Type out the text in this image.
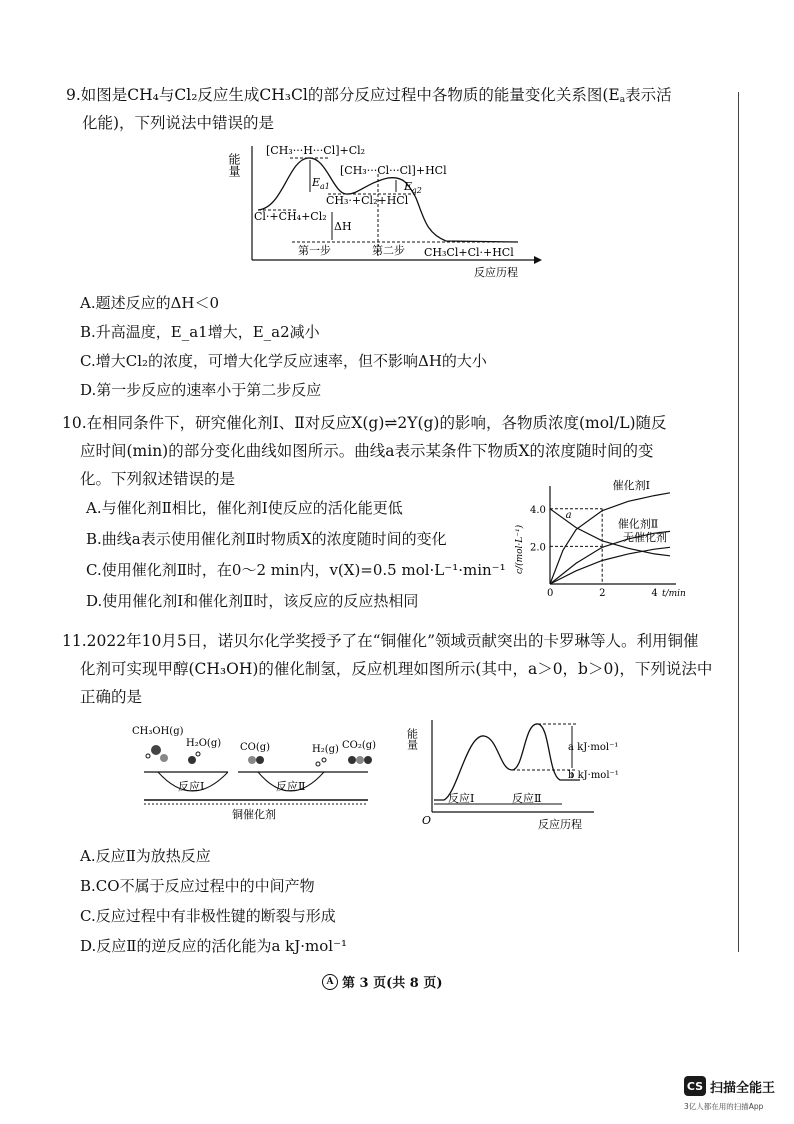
9.如图是CH₄与Cl₂反应生成CH₃Cl的部分反应过程中各物质的能量变化关系图($E_a$表示活
化能)，下列说法中错误的是
能量
[CH₃···H···Cl]+Cl₂
[CH₃···Cl···Cl]+HCl
Cl·+CH₄+Cl₂
CH₃·+Cl₂+HCl
CH₃Cl+Cl·+HCl
$E_{a1}$	$E_{a2}$
ΔH
第一步	第二步
反应历程
A.题述反应的ΔH＜0
B.升高温度，E_a1增大，E_a2减小
C.增大Cl₂的浓度，可增大化学反应速率，但不影响ΔH的大小
D.第一步反应的速率小于第二步反应
10.在相同条件下，研究催化剂Ⅰ、Ⅱ对反应X(g)⇌2Y(g)的影响，各物质浓度(mol/L)随反
应时间(min)的部分变化曲线如图所示。曲线a表示某条件下物质X的浓度随时间的变
化。下列叙述错误的是
A.与催化剂Ⅱ相比，催化剂Ⅰ使反应的活化能更低
B.曲线a表示使用催化剂Ⅱ时物质X的浓度随时间的变化
C.使用催化剂Ⅱ时，在0～2 min内，v(X)=0.5 mol·L⁻¹·min⁻¹
D.使用催化剂Ⅰ和催化剂Ⅱ时，该反应的反应热相同	0	2	4
2.0
4.0
t/min
c/(mol·L⁻¹)
催化剂Ⅰ
催化剂Ⅱ
无催化剂
a
11.2022年10月5日，诺贝尔化学奖授予了在“铜催化”领域贡献突出的卡罗琳等人。利用铜催
化剂可实现甲醇(CH₃OH)的催化制氢，反应机理如图所示(其中，a＞0，b＞0)，下列说法中
正确的是
CH₃OH(g)
H₂O(g) CO(g)	H₂(g) CO₂(g)
反应Ⅰ	反应Ⅱ
铜催化剂
能量
O
a kJ·mol⁻¹
b kJ·mol⁻¹
反应Ⅰ	反应Ⅱ
反应历程
A.反应Ⅱ为放热反应
B.CO不属于反应过程中的中间产物
C.反应过程中有非极性键的断裂与形成
D.反应Ⅱ的逆反应的活化能为a kJ·mol⁻¹
A 第 3 页(共 8 页)
CS 扫描全能王
3亿人都在用的扫描App
